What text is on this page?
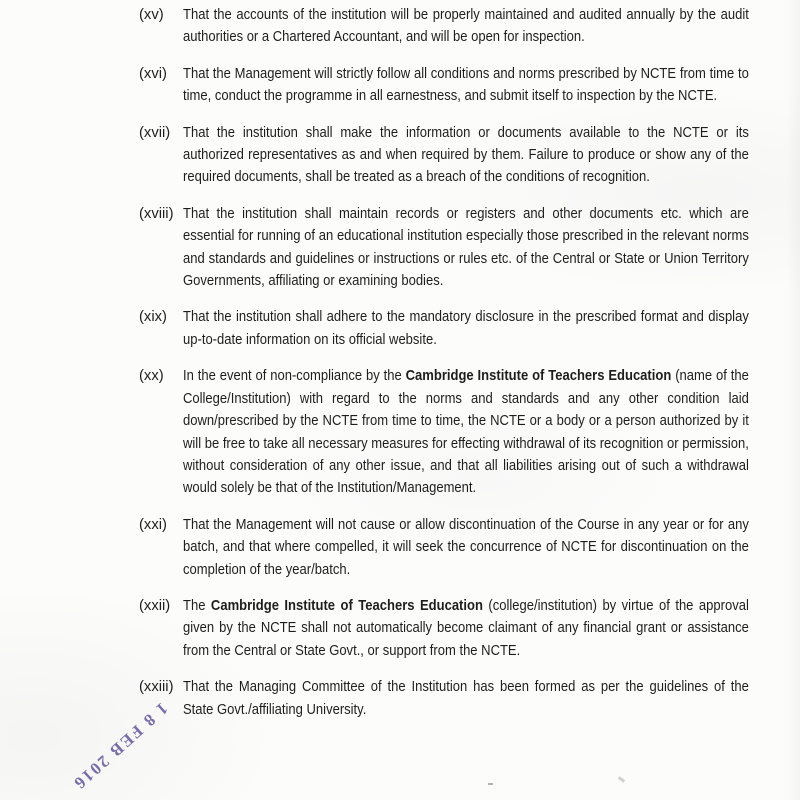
(xv)	That the accounts of the institution will be properly maintained and audited annually by the audit authorities or a Chartered Accountant, and will be open for inspection.

(xvi)	That the Management will strictly follow all conditions and norms prescribed by NCTE from time to time, conduct the programme in all earnestness, and submit itself to inspection by the NCTE.

(xvii) That the institution shall make the information or documents available to the NCTE or its authorized representatives as and when required by them. Failure to produce or show any of the required documents, shall be treated as a breach of the conditions of recognition.

(xviii) That the institution shall maintain records or registers and other documents etc. which are essential for running of an educational institution especially those prescribed in the relevant norms and standards and guidelines or instructions or rules etc. of the Central or State or Union Territory Governments, affiliating or examining bodies.

(xix)	That the institution shall adhere to the mandatory disclosure in the prescribed format and display up-to-date information on its official website.

(xx)	In the event of non-compliance by the Cambridge Institute of Teachers Education (name of the College/Institution) with regard to the norms and standards and any other condition laid down/prescribed by the NCTE from time to time, the NCTE or a body or a person authorized by it will be free to take all necessary measures for effecting withdrawal of its recognition or permission, without consideration of any other issue, and that all liabilities arising out of such a withdrawal would solely be that of the Institution/Management.

(xxi)	That the Management will not cause or allow discontinuation of the Course in any year or for any batch, and that where compelled, it will seek the concurrence of NCTE for discontinuation on the completion of the year/batch.

(xxii) The Cambridge Institute of Teachers Education (college/institution) by virtue of the approval given by the NCTE shall not automatically become claimant of any financial grant or assistance from the Central or State Govt., or support from the NCTE.

(xxiii) That the Managing Committee of the Institution has been formed as per the guidelines of the State Govt./affiliating University.

1 8 FEB 2016
